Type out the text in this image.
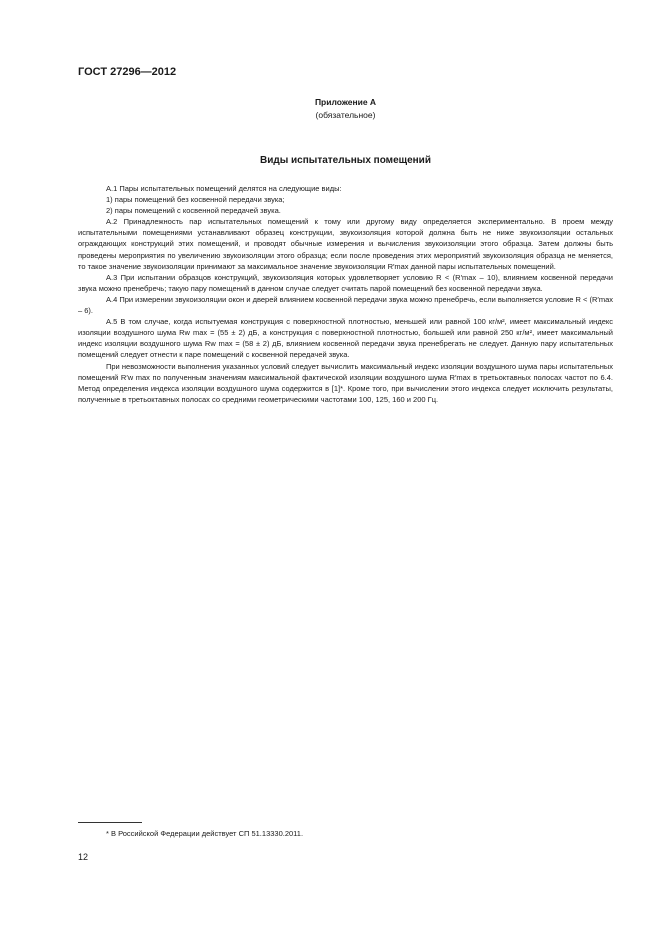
ГОСТ 27296—2012
Приложение А
(обязательное)
Виды испытательных помещений

А.1 Пары испытательных помещений делятся на следующие виды:

1) пары помещений без косвенной передачи звука;

2) пары помещений с косвенной передачей звука.

А.2 Принадлежность пар испытательных помещений к тому или другому виду определяется экспериментально. В проем между испытательными помещениями устанавливают образец конструкции, звукоизоляция которой должна быть не ниже звукоизоляции остальных ограждающих конструкций этих помещений, и проводят обычные измерения и вычисления звукоизоляции этого образца. Затем должны быть проведены мероприятия по увеличению звукоизоляции этого образца; если после проведения этих мероприятий звукоизоляция образца не меняется, то такое значение звукоизоляции принимают за максимальное значение звукоизоляции R′max данной пары испытательных помещений.

А.3 При испытании образцов конструкций, звукоизоляция которых удовлетворяет условию R < (R′max – 10), влиянием косвенной передачи звука можно пренебречь; такую пару помещений в данном случае следует считать парой помещений без косвенной передачи звука.

А.4 При измерении звукоизоляции окон и дверей влиянием косвенной передачи звука можно пренебречь, если выполняется условие R < (R′max – 6).

А.5 В том случае, когда испытуемая конструкция с поверхностной плотностью, меньшей или равной 100 кг/м², имеет максимальный индекс изоляции воздушного шума Rw max = (55 ± 2) дБ, а конструкция с поверхностной плотностью, большей или равной 250 кг/м², имеет максимальный индекс изоляции воздушного шума Rw max = (58 ± 2) дБ, влиянием косвенной передачи звука пренебрегать не следует. Данную пару испытательных помещений следует отнести к паре помещений с косвенной передачей звука.

При невозможности выполнения указанных условий следует вычислить максимальный индекс изоляции воздушного шума пары испытательных помещений R′w max по полученным значениям максимальной фактической изоляции воздушного шума R′max в третьоктавных полосах частот по 6.4. Метод определения индекса изоляции воздушного шума содержится в [1]*. Кроме того, при вычислении этого индекса следует исключить результаты, полученные в третьоктавных полосах со средними геометрическими частотами 100, 125, 160 и 200 Гц.

* В Российской Федерации действует СП 51.13330.2011.
12
